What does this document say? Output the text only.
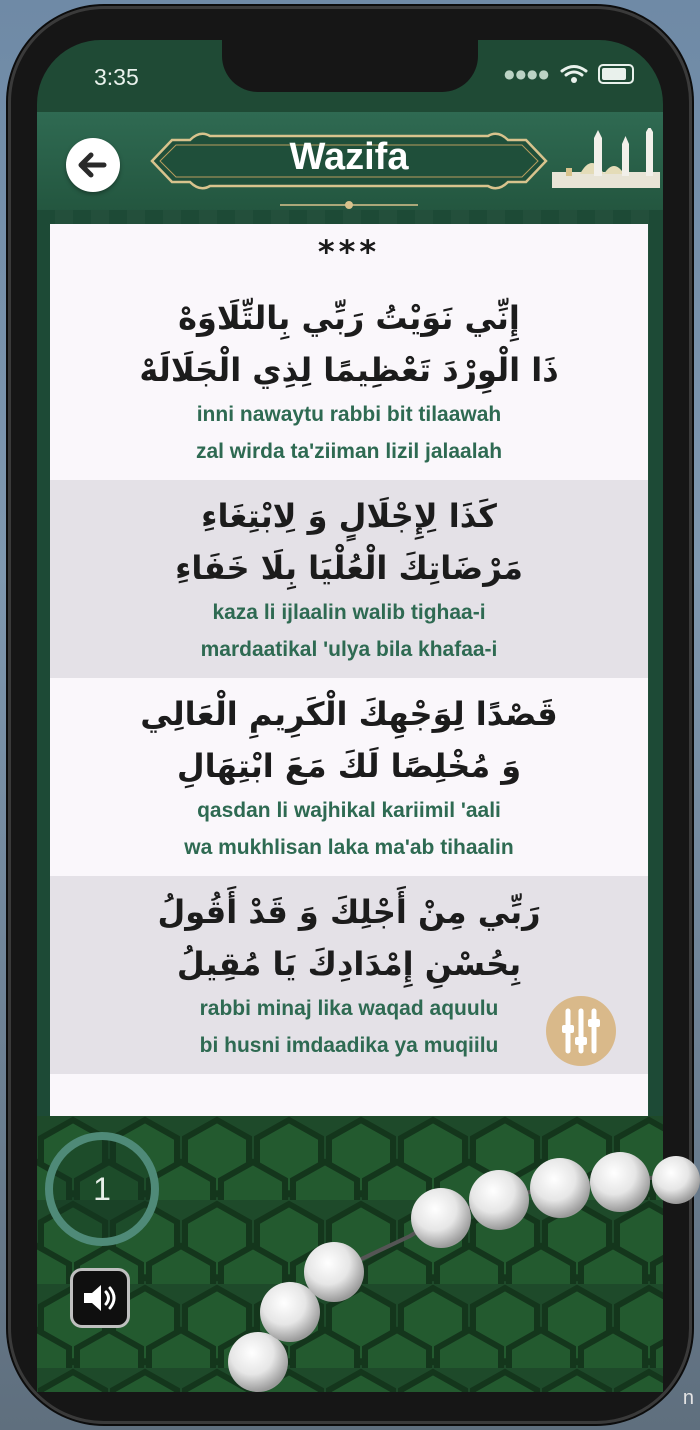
3:35	●●●●
Wazifa
***
إِنِّي نَوَيْتُ رَبِّي بِالتِّلَاوَهْ
ذَا الْوِرْدَ تَعْظِيمًا لِذِي الْجَلَالَهْ
inni nawaytu rabbi bit tilaawah
zal wirda ta'ziiman lizil jalaalah
كَذَا لِإِجْلَالٍ وَ لِابْتِغَاءِ
مَرْضَاتِكَ الْعُلْيَا بِلَا خَفَاءِ
kaza li ijlaalin walib tighaa-i
mardaatikal 'ulya bila khafaa-i
قَصْدًا لِوَجْهِكَ الْكَرِيمِ الْعَالِي
وَ مُخْلِصًا لَكَ مَعَ ابْتِهَالِ
qasdan li wajhikal kariimil 'aali
wa mukhlisan laka ma'ab tihaalin
رَبِّي مِنْ أَجْلِكَ وَ قَدْ أَقُولُ
بِحُسْنِ إِمْدَادِكَ يَا مُقِيلُ
rabbi minaj lika waqad aquulu
bi husni imdaadika ya muqiilu
1
n
